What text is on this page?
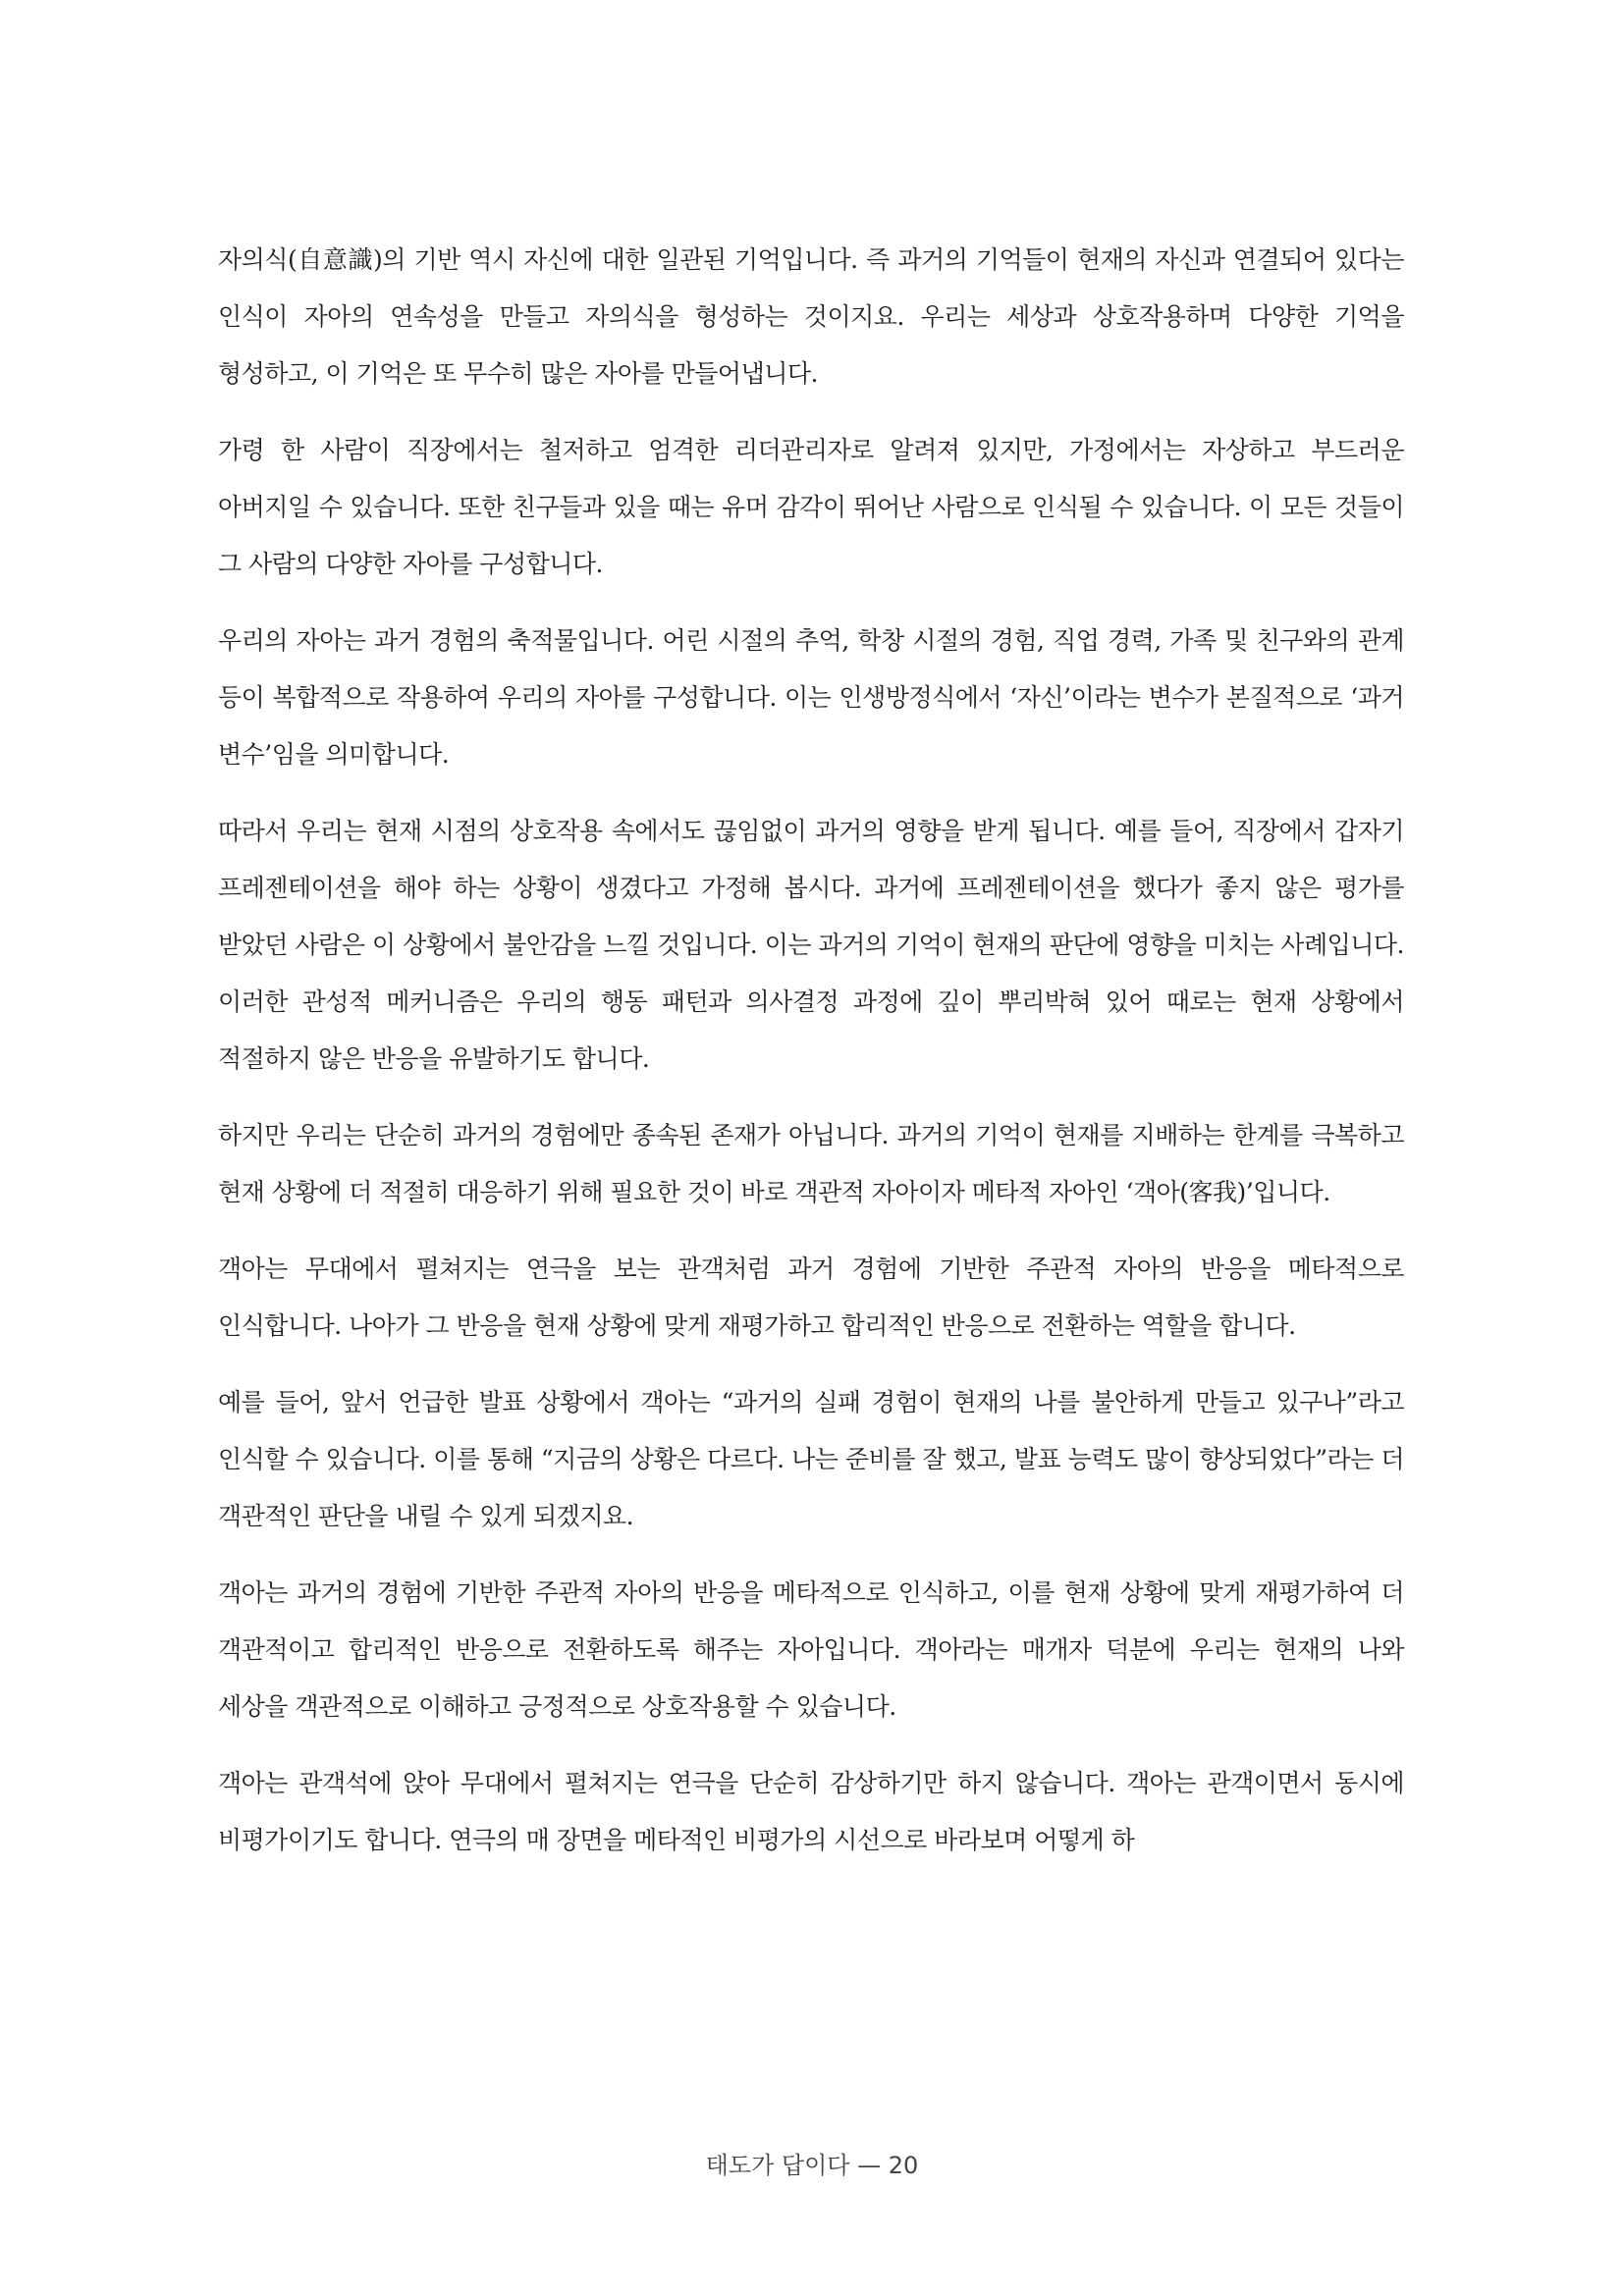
자의식(自意識)의 기반 역시 자신에 대한 일관된 기억입니다. 즉 과거의 기억들이 현재의 자신과 연결되어 있다는 인식이 자아의 연속성을 만들고 자의식을 형성하는 것이지요. 우리는 세상과 상호작용하며 다양한 기억을 형성하고, 이 기억은 또 무수히 많은 자아를 만들어냅니다.

가령 한 사람이 직장에서는 철저하고 엄격한 리더관리자로 알려져 있지만, 가정에서는 자상하고 부드러운 아버지일 수 있습니다. 또한 친구들과 있을 때는 유머 감각이 뛰어난 사람으로 인식될 수 있습니다. 이 모든 것들이 그 사람의 다양한 자아를 구성합니다.

우리의 자아는 과거 경험의 축적물입니다. 어린 시절의 추억, 학창 시절의 경험, 직업 경력, 가족 및 친구와의 관계 등이 복합적으로 작용하여 우리의 자아를 구성합니다. 이는 인생방정식에서 ‘자신’이라는 변수가 본질적으로 ‘과거 변수’임을 의미합니다.

따라서 우리는 현재 시점의 상호작용 속에서도 끊임없이 과거의 영향을 받게 됩니다. 예를 들어, 직장에서 갑자기 프레젠테이션을 해야 하는 상황이 생겼다고 가정해 봅시다. 과거에 프레젠테이션을 했다가 좋지 않은 평가를 받았던 사람은 이 상황에서 불안감을 느낄 것입니다. 이는 과거의 기억이 현재의 판단에 영향을 미치는 사례입니다. 이러한 관성적 메커니즘은 우리의 행동 패턴과 의사결정 과정에 깊이 뿌리박혀 있어 때로는 현재 상황에서 적절하지 않은 반응을 유발하기도 합니다.

하지만 우리는 단순히 과거의 경험에만 종속된 존재가 아닙니다. 과거의 기억이 현재를 지배하는 한계를 극복하고 현재 상황에 더 적절히 대응하기 위해 필요한 것이 바로 객관적 자아이자 메타적 자아인 ‘객아(客我)’입니다.

객아는 무대에서 펼쳐지는 연극을 보는 관객처럼 과거 경험에 기반한 주관적 자아의 반응을 메타적으로 인식합니다. 나아가 그 반응을 현재 상황에 맞게 재평가하고 합리적인 반응으로 전환하는 역할을 합니다.

예를 들어, 앞서 언급한 발표 상황에서 객아는 “과거의 실패 경험이 현재의 나를 불안하게 만들고 있구나”라고 인식할 수 있습니다. 이를 통해 “지금의 상황은 다르다. 나는 준비를 잘 했고, 발표 능력도 많이 향상되었다”라는 더 객관적인 판단을 내릴 수 있게 되겠지요.

객아는 과거의 경험에 기반한 주관적 자아의 반응을 메타적으로 인식하고, 이를 현재 상황에 맞게 재평가하여 더 객관적이고 합리적인 반응으로 전환하도록 해주는 자아입니다. 객아라는 매개자 덕분에 우리는 현재의 나와 세상을 객관적으로 이해하고 긍정적으로 상호작용할 수 있습니다.

객아는 관객석에 앉아 무대에서 펼쳐지는 연극을 단순히 감상하기만 하지 않습니다. 객아는 관객이면서 동시에 비평가이기도 합니다. 연극의 매 장면을 메타적인 비평가의 시선으로 바라보며 어떻게 하

태도가 답이다 — 20
